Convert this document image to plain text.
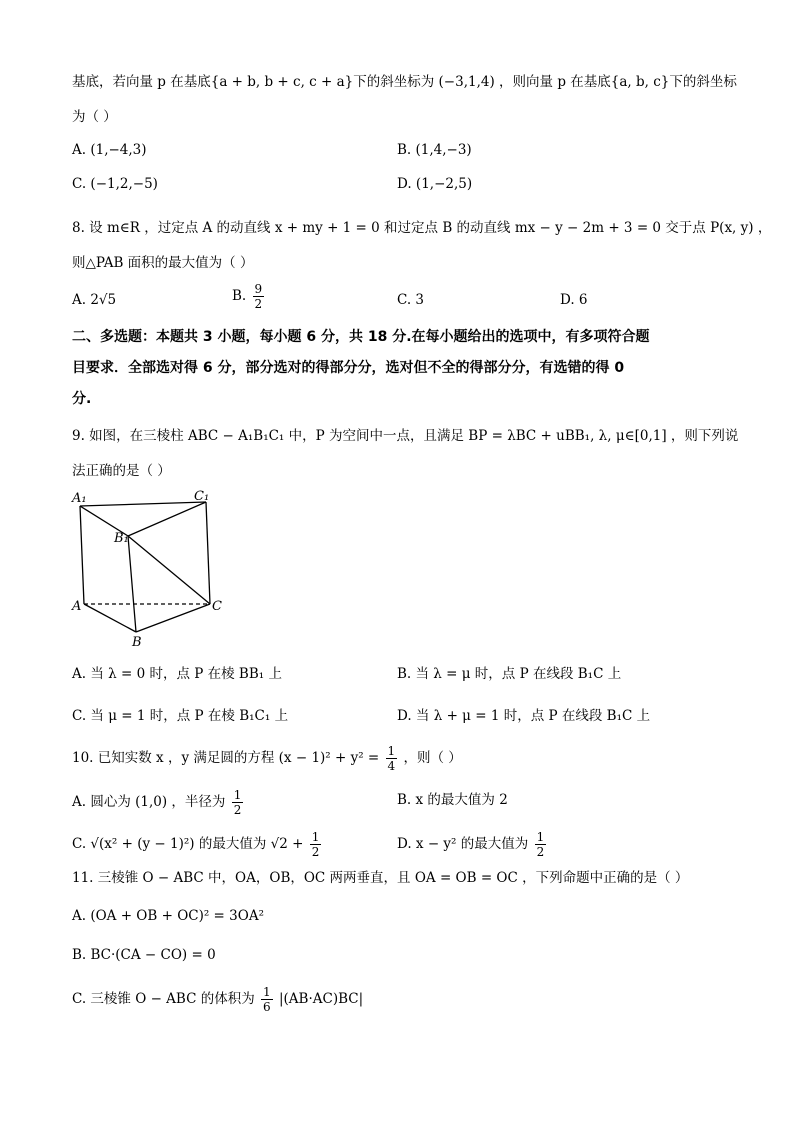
基底，若向量 p 在基底{a + b, b + c, c + a}下的斜坐标为 (−3,1,4) ，则向量 p 在基底{a, b, c}下的斜坐标
为（ ）
A. (1,−4,3)	B. (1,4,−3)
C. (−1,2,−5)	D. (1,−2,5)
8. 设 m∈R ，过定点 A 的动直线 x + my + 1 = 0 和过定点 B 的动直线 mx − y − 2m + 3 = 0 交于点 P(x, y) ，
则△PAB 面积的最大值为（ ）
A. 2√5	B. $\frac{9}{2}$	C. 3	D. 6
二、多选题：本题共 3 小题，每小题 6 分，共 18 分.在每小题给出的选项中，有多项符合题
目要求．全部选对得 6 分，部分选对的得部分分，选对但不全的得部分分，有选错的得 0
分.
9. 如图，在三棱柱 ABC − A₁B₁C₁ 中，P 为空间中一点，且满足 BP = λBC + uBB₁, λ, μ∈[0,1] ，则下列说
法正确的是（ ）
A₁	C₁
B₁
A
B
C
A. 当 λ = 0 时，点 P 在棱 BB₁ 上	B. 当 λ = μ 时，点 P 在线段 B₁C 上
C. 当 μ = 1 时，点 P 在棱 B₁C₁ 上	D. 当 λ + μ = 1 时，点 P 在线段 B₁C 上
10. 已知实数 x ，y 满足圆的方程 $(x - 1)^2 + y^2 = \frac{1}{4}$ ，则（ ）
A. 圆心为 (1,0) ，半径为 $\frac{1}{2}$	B. x 的最大值为 2
C. √(x² + (y − 1)²) 的最大值为 $√2 + \frac{1}{2}$	D. x − y² 的最大值为 $\frac{1}{2}$
11. 三棱锥 O − ABC 中，OA，OB，OC 两两垂直，且 OA = OB = OC ，下列命题中正确的是（ ）
A. (OA + OB + OC)² = 3OA²
B. BC·(CA − CO) = 0
C. 三棱锥 O − ABC 的体积为 $\frac{1}{6} |(AB\cdot AC)BC|$
